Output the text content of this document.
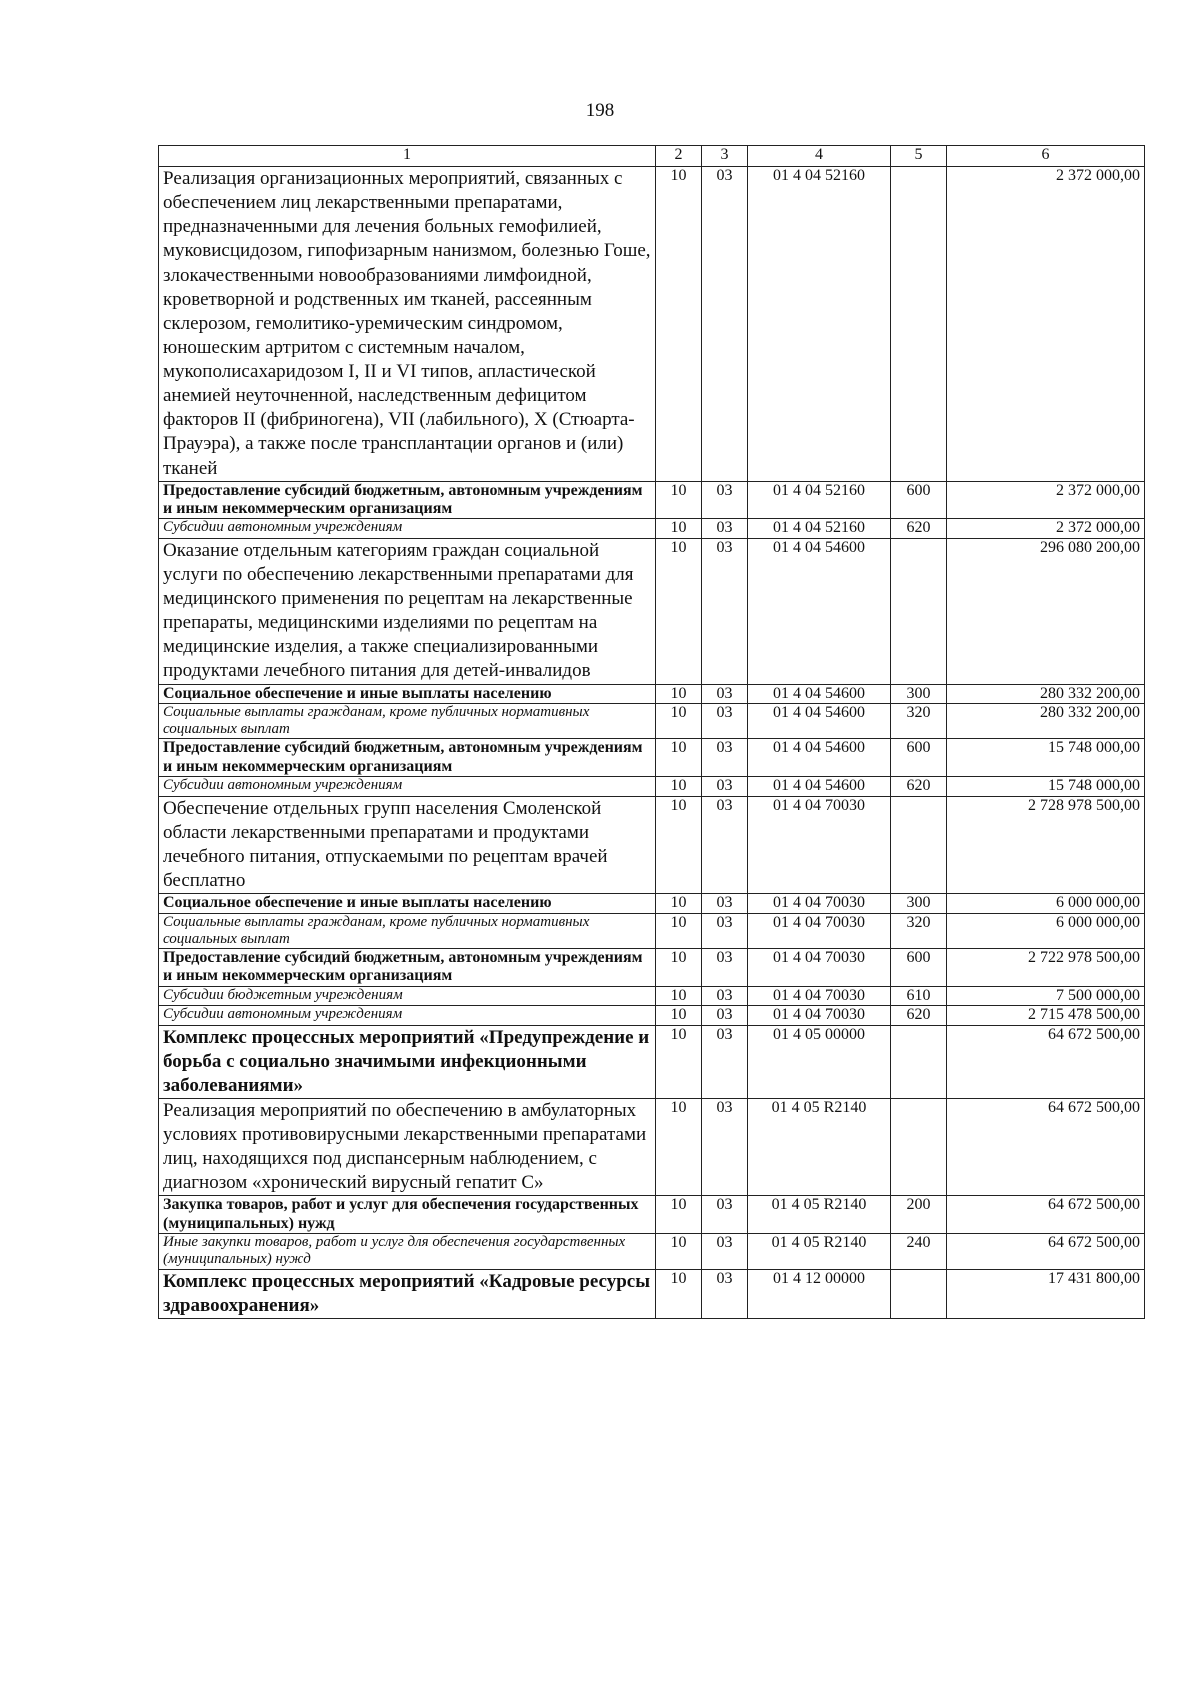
198
1	2	3	4	5	6
Реализация организационных мероприятий, связанных с обеспечением лиц лекарственными препаратами, предназначенными для лечения больных гемофилией, муковисцидозом, гипофизарным нанизмом, болезнью Гоше, злокачественными новообразованиями лимфоидной, кроветворной и родственных им тканей, рассеянным склерозом, гемолитико-уремическим синдромом, юношеским артритом с системным началом, мукополисахаридозом I, II и VI типов, апластической анемией неуточненной, наследственным дефицитом факторов II (фибриногена), VII (лабильного), X (Стюарта-Прауэра), а также после трансплантации органов и (или) тканей	10	03	01 4 04 52160		2 372 000,00
Предоставление субсидий бюджетным, автономным учреждениям и иным некоммерческим организациям	10	03	01 4 04 52160	600	2 372 000,00
Субсидии автономным учреждениям	10	03	01 4 04 52160	620	2 372 000,00
Оказание отдельным категориям граждан социальной услуги по обеспечению лекарственными препаратами для медицинского применения по рецептам на лекарственные препараты, медицинскими изделиями по рецептам на медицинские изделия, а также специализированными продуктами лечебного питания для детей-инвалидов	10	03	01 4 04 54600		296 080 200,00
Социальное обеспечение и иные выплаты населению	10	03	01 4 04 54600	300	280 332 200,00
Социальные выплаты гражданам, кроме публичных нормативных социальных выплат	10	03	01 4 04 54600	320	280 332 200,00
Предоставление субсидий бюджетным, автономным учреждениям и иным некоммерческим организациям	10	03	01 4 04 54600	600	15 748 000,00
Субсидии автономным учреждениям	10	03	01 4 04 54600	620	15 748 000,00
Обеспечение отдельных групп населения Смоленской области лекарственными препаратами и продуктами лечебного питания, отпускаемыми по рецептам врачей бесплатно	10	03	01 4 04 70030		2 728 978 500,00
Социальное обеспечение и иные выплаты населению	10	03	01 4 04 70030	300	6 000 000,00
Социальные выплаты гражданам, кроме публичных нормативных социальных выплат	10	03	01 4 04 70030	320	6 000 000,00
Предоставление субсидий бюджетным, автономным учреждениям и иным некоммерческим организациям	10	03	01 4 04 70030	600	2 722 978 500,00
Субсидии бюджетным учреждениям	10	03	01 4 04 70030	610	7 500 000,00
Субсидии автономным учреждениям	10	03	01 4 04 70030	620	2 715 478 500,00
Комплекс процессных мероприятий «Предупреждение и борьба с социально значимыми инфекционными заболеваниями»	10	03	01 4 05 00000		64 672 500,00
Реализация мероприятий по обеспечению в амбулаторных условиях противовирусными лекарственными препаратами лиц, находящихся под диспансерным наблюдением, с диагнозом «хронический вирусный гепатит С»	10	03	01 4 05 R2140		64 672 500,00
Закупка товаров, работ и услуг для обеспечения государственных (муниципальных) нужд	10	03	01 4 05 R2140	200	64 672 500,00
Иные закупки товаров, работ и услуг для обеспечения государственных (муниципальных) нужд	10	03	01 4 05 R2140	240	64 672 500,00
Комплекс процессных мероприятий «Кадровые ресурсы здравоохранения»	10	03	01 4 12 00000		17 431 800,00
